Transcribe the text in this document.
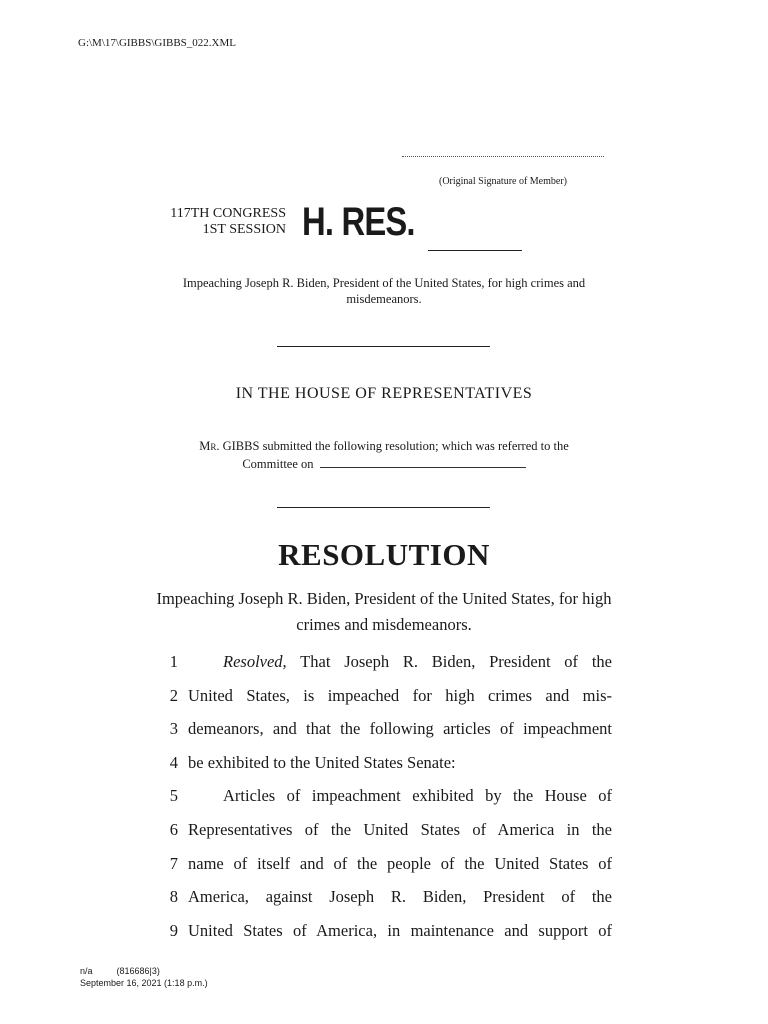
G:\M\17\GIBBS\GIBBS_022.XML
(Original Signature of Member)
117TH CONGRESS
1ST SESSION H. RES.
Impeaching Joseph R. Biden, President of the United States, for high crimes and misdemeanors.
IN THE HOUSE OF REPRESENTATIVES
Mr. GIBBS submitted the following resolution; which was referred to the Committee on
RESOLUTION
Impeaching Joseph R. Biden, President of the United States, for high crimes and misdemeanors.
1	Resolved, That Joseph R. Biden, President of the
2 United States, is impeached for high crimes and mis-
3 demeanors, and that the following articles of impeachment
4 be exhibited to the United States Senate:
5	Articles of impeachment exhibited by the House of
6 Representatives of the United States of America in the
7 name of itself and of the people of the United States of
8 America, against Joseph R. Biden, President of the
9 United States of America, in maintenance and support of
n/a	(816686|3)
September 16, 2021 (1:18 p.m.)
